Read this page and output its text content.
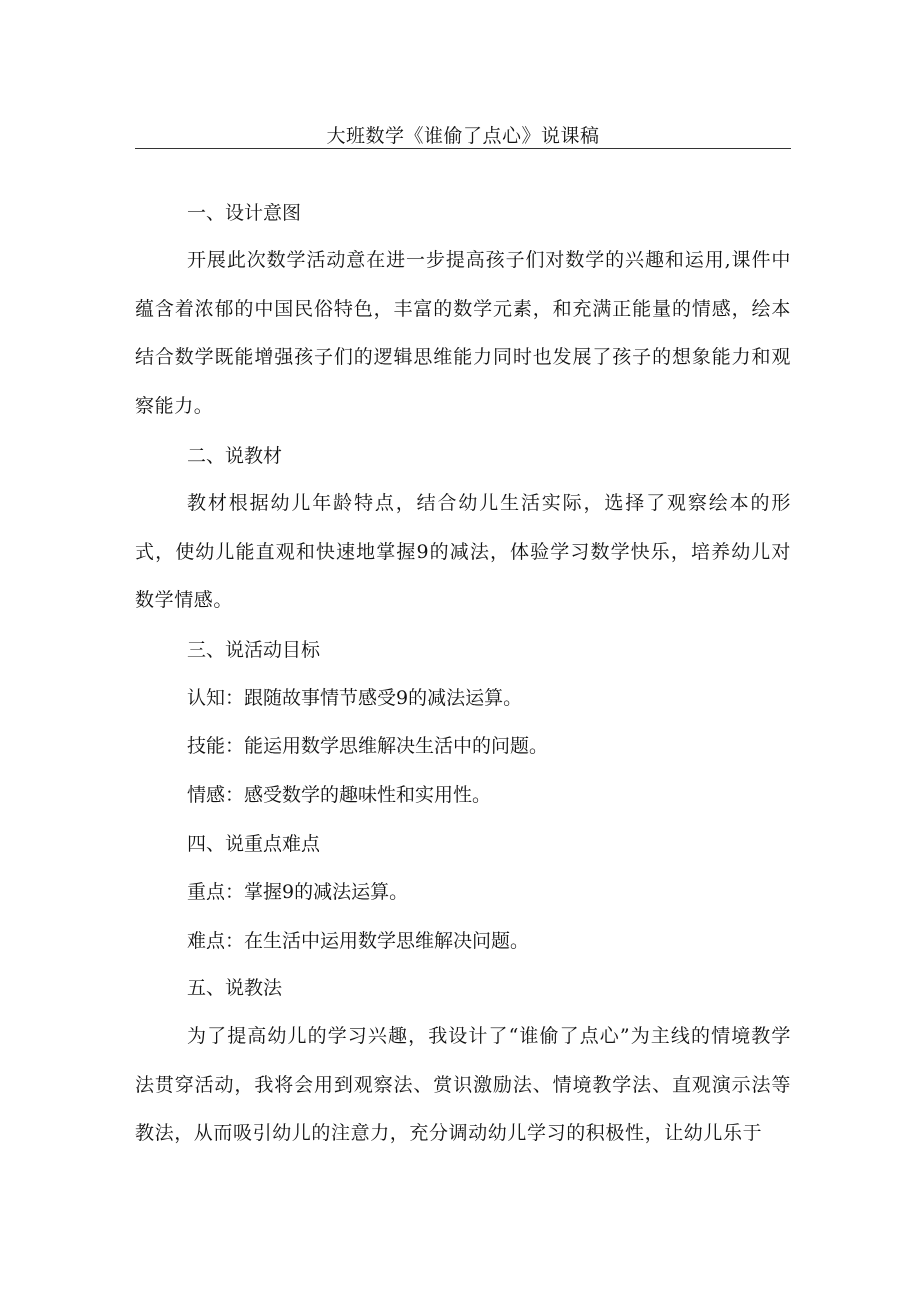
大班数学《谁偷了点心》说课稿
一、设计意图

开展此次数学活动意在进一步提高孩子们对数学的兴趣和运用,课件中蕴含着浓郁的中国民俗特色，丰富的数学元素，和充满正能量的情感，绘本结合数学既能增强孩子们的逻辑思维能力同时也发展了孩子的想象能力和观察能力。

二、说教材

教材根据幼儿年龄特点，结合幼儿生活实际，选择了观察绘本的形式，使幼儿能直观和快速地掌握9的减法，体验学习数学快乐，培养幼儿对数学情感。

三、说活动目标
认知：跟随故事情节感受9的减法运算。
技能：能运用数学思维解决生活中的问题。
情感：感受数学的趣味性和实用性。
四、说重点难点
重点：掌握9的减法运算。
难点：在生活中运用数学思维解决问题。
五、说教法

为了提高幼儿的学习兴趣，我设计了“谁偷了点心”为主线的情境教学法贯穿活动，我将会用到观察法、赏识激励法、情境教学法、直观演示法等教法，从而吸引幼儿的注意力，充分调动幼儿学习的积极性，让幼儿乐于
